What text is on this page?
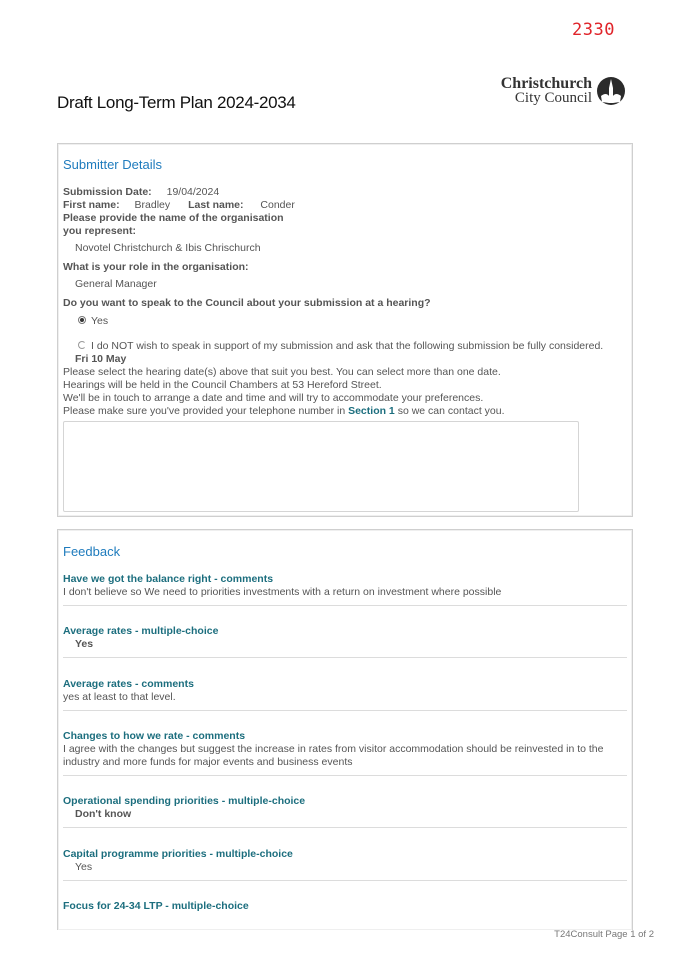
2330
Draft Long-Term Plan 2024-2034
Christchurch
City Council
Submitter Details
Submission Date: 19/04/2024
First name: Bradley Last name: Conder
Please provide the name of the organisation
you represent:
Novotel Christchurch & Ibis Chrischurch
What is your role in the organisation:
General Manager
Do you want to speak to the Council about your submission at a hearing?
Yes
I do NOT wish to speak in support of my submission and ask that the following submission be fully considered.
Fri 10 May
Please select the hearing date(s) above that suit you best. You can select more than one date.
Hearings will be held in the Council Chambers at 53 Hereford Street.
We'll be in touch to arrange a date and time and will try to accommodate your preferences.
Please make sure you've provided your telephone number in Section 1 so we can contact you.
Feedback
Have we got the balance right - comments
I don't believe so We need to priorities investments with a return on investment where possible
Average rates - multiple-choice
Yes
Average rates - comments
yes at least to that level.
Changes to how we rate - comments
I agree with the changes but suggest the increase in rates from visitor accommodation should be reinvested in to the
industry and more funds for major events and business events
Operational spending priorities - multiple-choice
Don't know
Capital programme priorities - multiple-choice
Yes
Focus for 24-34 LTP - multiple-choice
T24Consult Page 1 of 2
